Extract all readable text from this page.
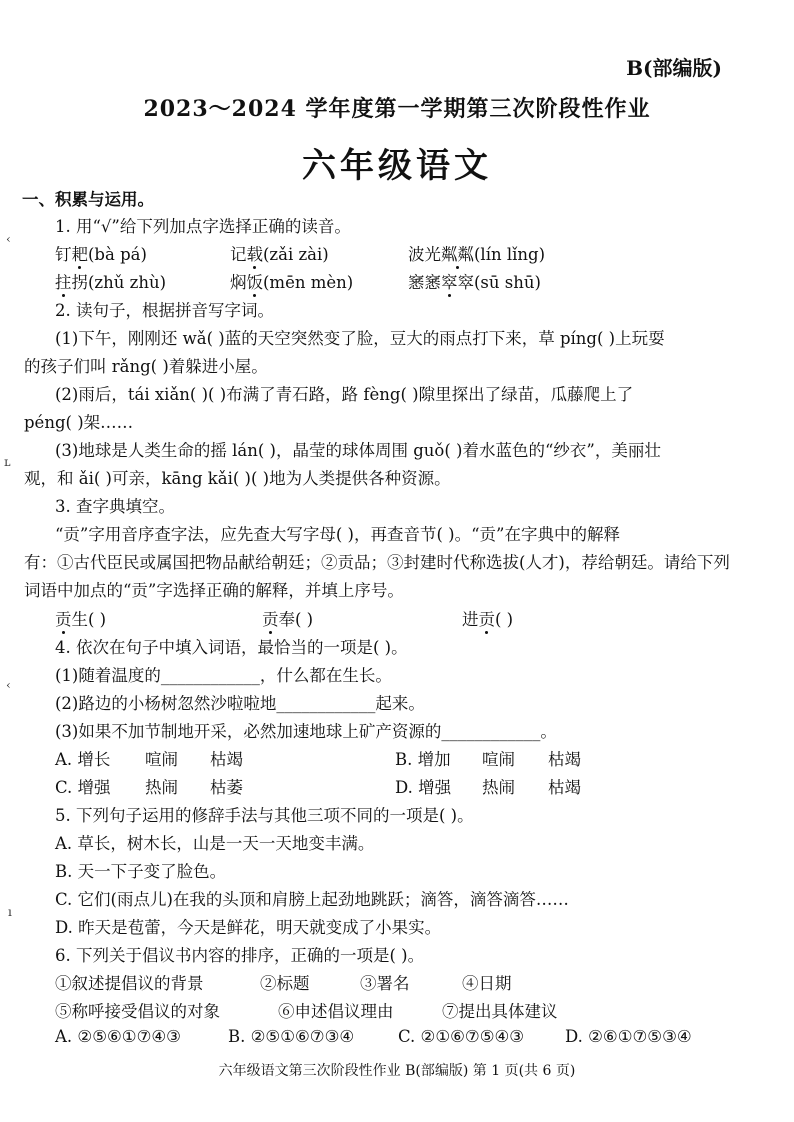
B(部编版)
2023～2024 学年度第一学期第三次阶段性作业
六年级语文
一、积累与运用。
1. 用“√”给下列加点字选择正确的读音。
钉耙(bà pá)	记载(zǎi zài)	波光粼粼(lín lǐng)
拄拐(zhǔ zhù)	焖饭(mēn mèn)	窸窸窣窣(sū shū)
2. 读句子，根据拼音写字词。
(1)下午，刚刚还 wǎ( )蓝的天空突然变了脸，豆大的雨点打下来，草 píng( )上玩耍
的孩子们叫 rǎng( )着躲进小屋。
(2)雨后，tái xiǎn( )( )布满了青石路，路 fèng( )隙里探出了绿苗，瓜藤爬上了
péng( )架……
(3)地球是人类生命的摇 lán( )，晶莹的球体周围 guǒ( )着水蓝色的“纱衣”，美丽壮
观，和 ǎi( )可亲，kāng kǎi( )( )地为人类提供各种资源。
3. 查字典填空。
“贡”字用音序查字法，应先查大写字母( )，再查音节( )。“贡”在字典中的解释
有：①古代臣民或属国把物品献给朝廷；②贡品；③封建时代称选拔(人才)，荐给朝廷。请给下列
词语中加点的“贡”字选择正确的解释，并填上序号。
贡生( )	贡奉( )	进贡( )
4. 依次在句子中填入词语，最恰当的一项是( )。
(1)随着温度的____________，什么都在生长。
(2)路边的小杨树忽然沙啦啦地____________起来。
(3)如果不加节制地开采，必然加速地球上矿产资源的____________。
A. 增长 喧闹 枯竭	B. 增加 喧闹 枯竭
C. 增强 热闹 枯萎	D. 增强 热闹 枯竭
5. 下列句子运用的修辞手法与其他三项不同的一项是( )。
A. 草长，树木长，山是一天一天地变丰满。
B. 天一下子变了脸色。
C. 它们(雨点儿)在我的头顶和肩膀上起劲地跳跃；滴答，滴答滴答……
D. 昨天是苞蕾，今天是鲜花，明天就变成了小果实。
6. 下列关于倡议书内容的排序，正确的一项是( )。
①叙述提倡议的背景	②标题	③署名	④日期
⑤称呼接受倡议的对象	⑥申述倡议理由	⑦提出具体建议
A. ②⑤⑥①⑦④③	B. ②⑤①⑥⑦③④	C. ②①⑥⑦⑤④③ D. ②⑥①⑦⑤③④
六年级语文第三次阶段性作业 B(部编版) 第 1 页(共 6 页)
‹
ʟ
‹
ı
